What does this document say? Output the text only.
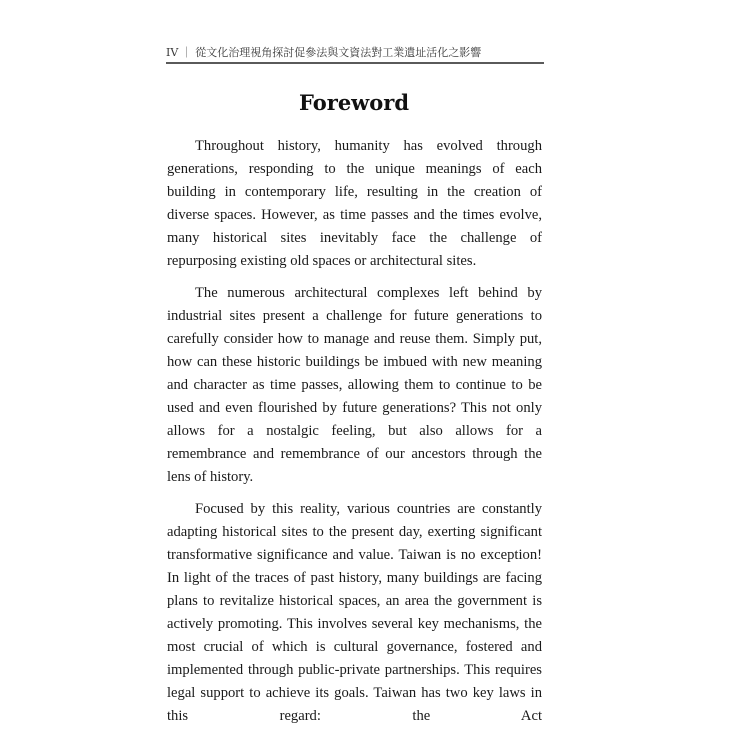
IV ｜ 從文化治理視角探討促參法與文資法對工業遺址活化之影響
Foreword

Throughout history, humanity has evolved through generations, responding to the unique meanings of each building in contemporary life, resulting in the creation of diverse spaces. However, as time passes and the times evolve, many historical sites inevitably face the challenge of repurposing existing old spaces or architectural sites.

The numerous architectural complexes left behind by industrial sites present a challenge for future generations to carefully consider how to manage and reuse them. Simply put, how can these historic buildings be imbued with new meaning and character as time passes, allowing them to continue to be used and even flourished by future generations? This not only allows for a nostalgic feeling, but also allows for a remembrance and remembrance of our ancestors through the lens of history.

Focused by this reality, various countries are constantly adapting historical sites to the present day, exerting significant transformative significance and value. Taiwan is no exception! In light of the traces of past history, many buildings are facing plans to revitalize historical spaces, an area the government is actively promoting. This involves several key mechanisms, the most crucial of which is cultural governance, fostered and implemented through public-private partnerships. This requires legal support to achieve its goals. Taiwan has two key laws in this regard: the Act
